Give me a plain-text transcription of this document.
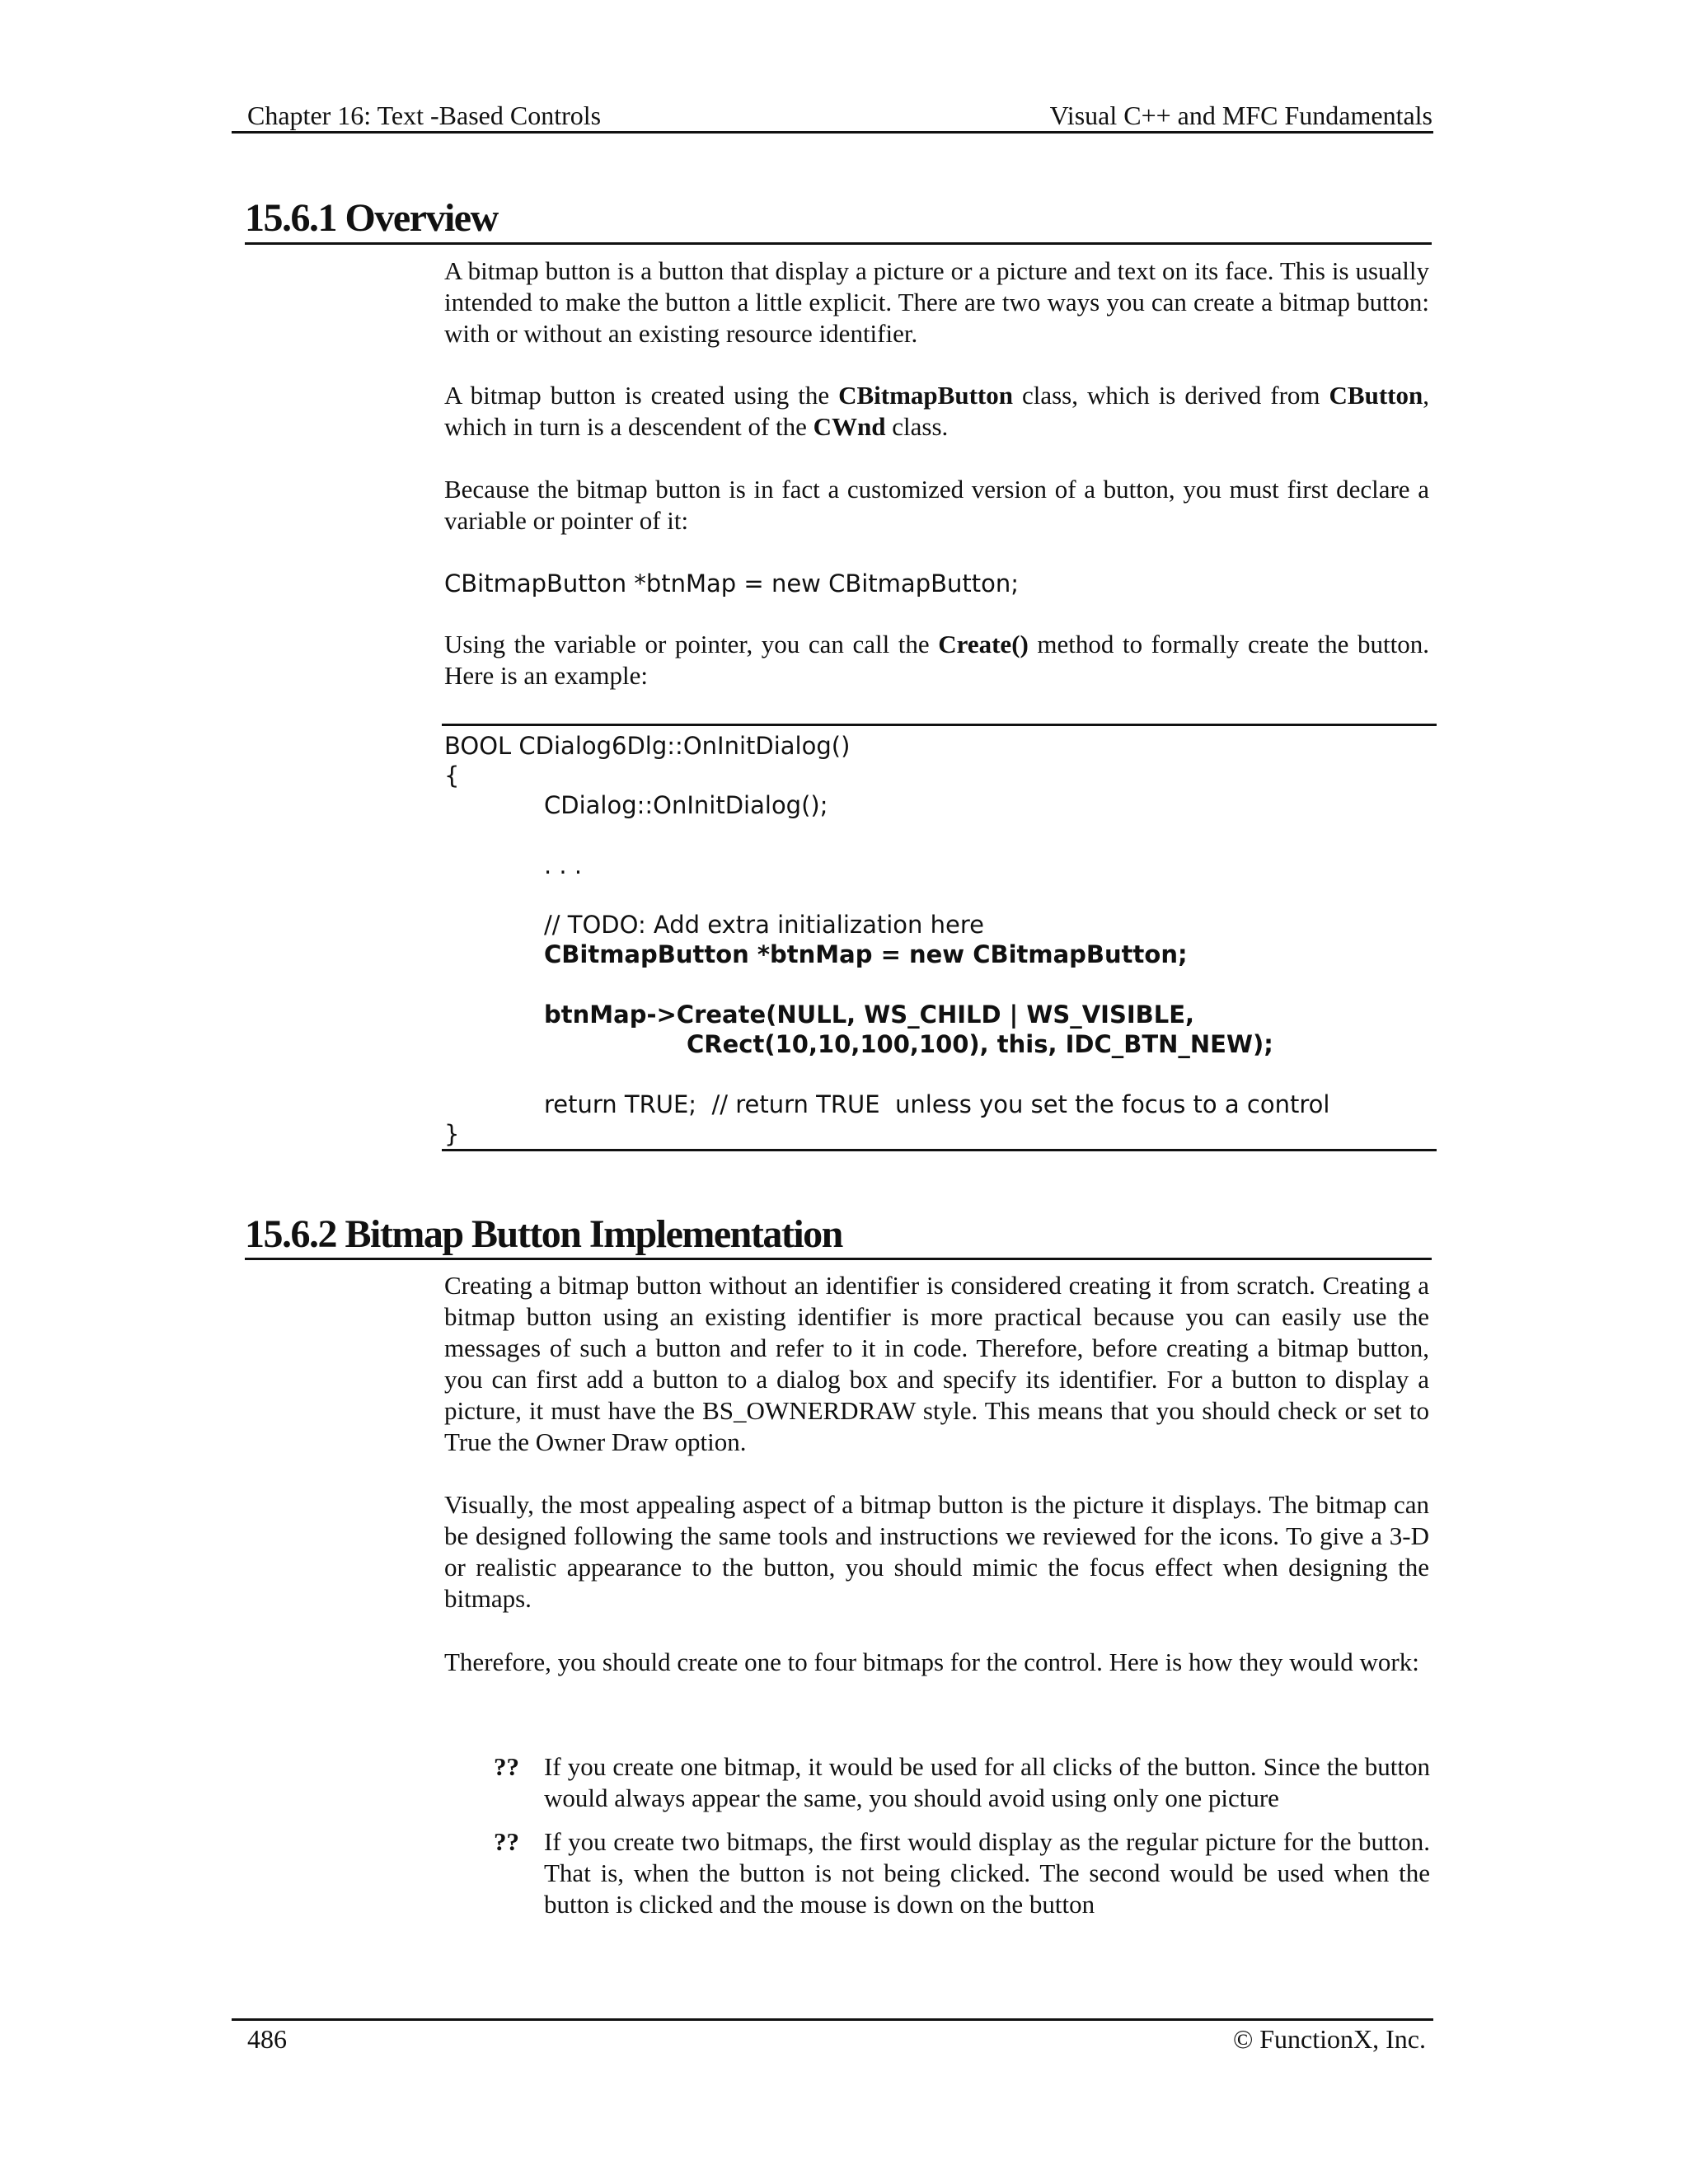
Chapter 16: Text -Based Controls	Visual C++ and MFC Fundamentals
15.6.1 Overview

A bitmap button is a button that display a picture or a picture and text on its face. This is usually intended to make the button a little explicit. There are two ways you can create a bitmap button: with or without an existing resource identifier.

A bitmap button is created using the CBitmapButton class, which is derived from CButton, which in turn is a descendent of the CWnd class.

Because the bitmap button is in fact a customized version of a button, you must first declare a variable or pointer of it:

CBitmapButton *btnMap = new CBitmapButton;

Using the variable or pointer, you can call the Create() method to formally create the button. Here is an example:

BOOL CDialog6Dlg::OnInitDialog()
{
CDialog::OnInitDialog();
. . .
// TODO: Add extra initialization here
CBitmapButton *btnMap = new CBitmapButton;
btnMap->Create(NULL, WS_CHILD | WS_VISIBLE,
CRect(10,10,100,100), this, IDC_BTN_NEW);
return TRUE;  // return TRUE  unless you set the focus to a control
}
15.6.2 Bitmap Button Implementation

Creating a bitmap button without an identifier is considered creating it from scratch. Creating a bitmap button using an existing identifier is more practical because you can easily use the messages of such a button and refer to it in code. Therefore, before creating a bitmap button, you can first add a button to a dialog box and specify its identifier. For a button to display a picture, it must have the BS_OWNERDRAW style. This means that you should check or set to True the Owner Draw option.

Visually, the most appealing aspect of a bitmap button is the picture it displays. The bitmap can be designed following the same tools and instructions we reviewed for the icons. To give a 3-D or realistic appearance to the button, you should mimic the focus effect when designing the bitmaps.

Therefore, you should create one to four bitmaps for the control. Here is how they would work:

?? If you create one bitmap, it would be used for all clicks of the button. Since the button would always appear the same, you should avoid using only one picture

?? If you create two bitmaps, the first would display as the regular picture for the button. That is, when the button is not being clicked. The second would be used when the button is clicked and the mouse is down on the button

486	© FunctionX, Inc.
